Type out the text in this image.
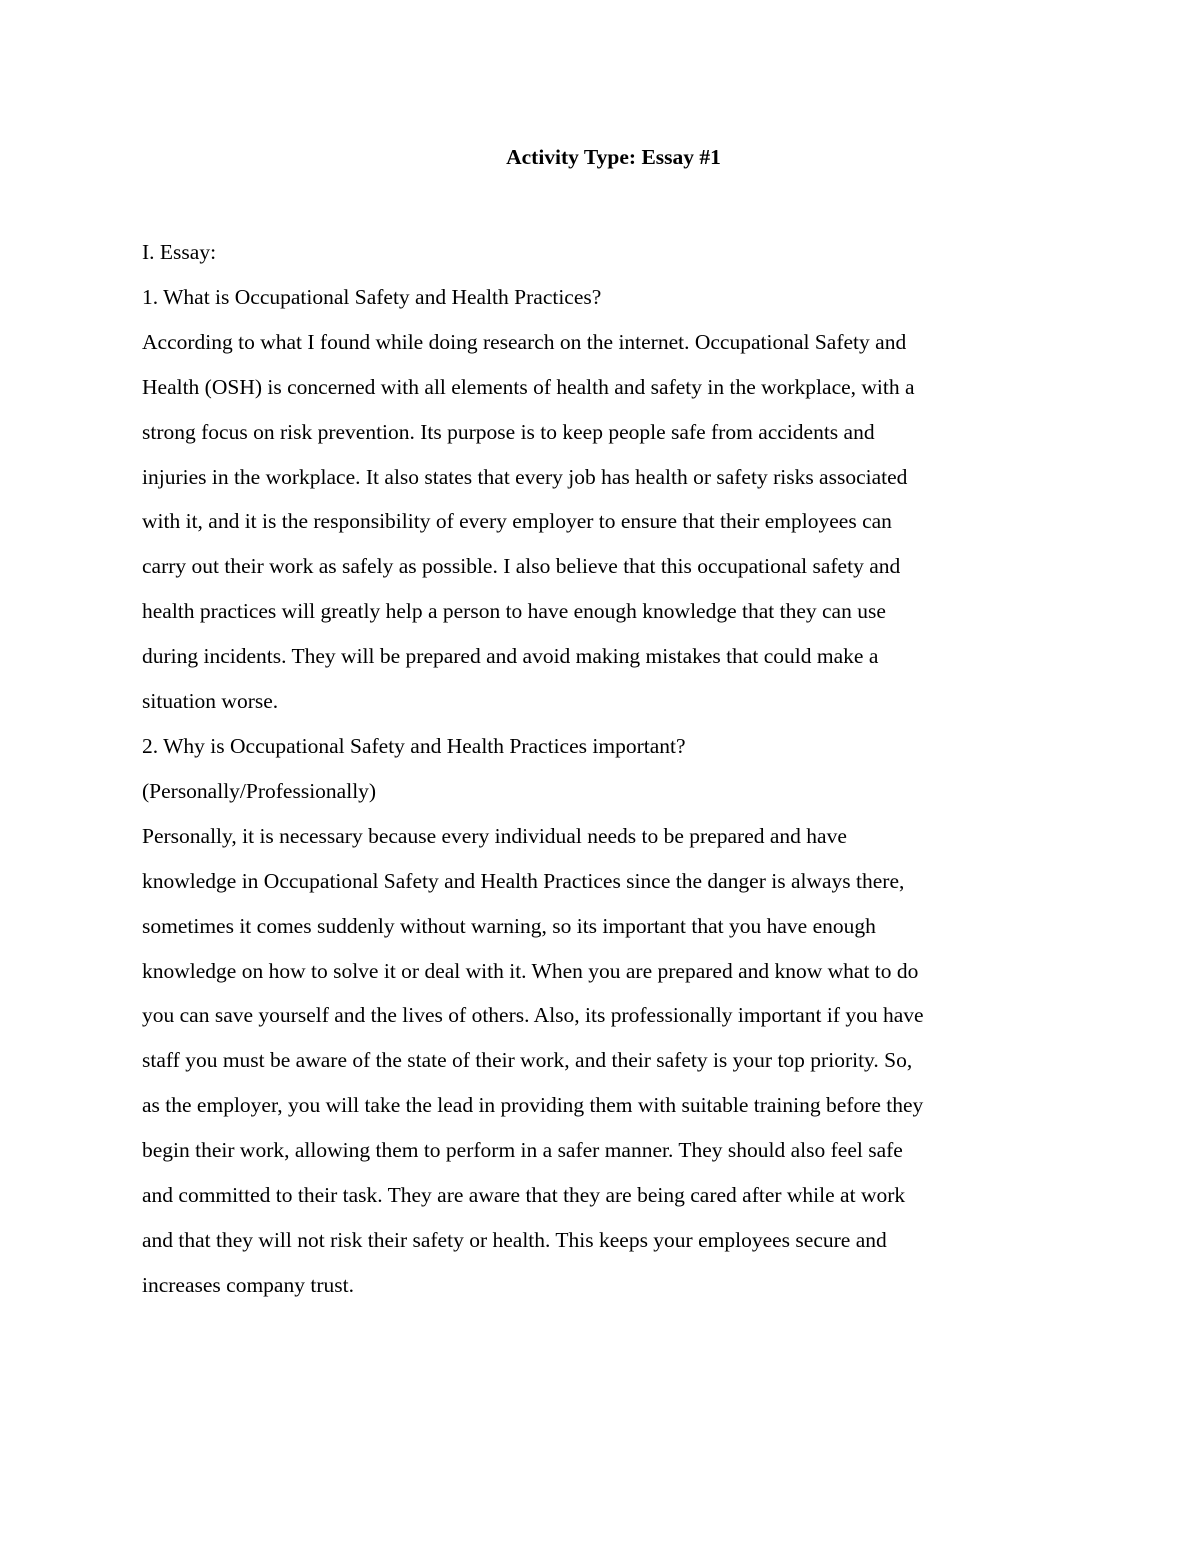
Activity Type: Essay #1

I. Essay:

1. What is Occupational Safety and Health Practices?

According to what I found while doing research on the internet. Occupational Safety and
Health (OSH) is concerned with all elements of health and safety in the workplace, with a
strong focus on risk prevention. Its purpose is to keep people safe from accidents and
injuries in the workplace. It also states that every job has health or safety risks associated
with it, and it is the responsibility of every employer to ensure that their employees can
carry out their work as safely as possible. I also believe that this occupational safety and
health practices will greatly help a person to have enough knowledge that they can use
during incidents. They will be prepared and avoid making mistakes that could make a
situation worse.

2. Why is Occupational Safety and Health Practices important?

(Personally/Professionally)

Personally, it is necessary because every individual needs to be prepared and have
knowledge in Occupational Safety and Health Practices since the danger is always there,
sometimes it comes suddenly without warning, so its important that you have enough
knowledge on how to solve it or deal with it. When you are prepared and know what to do
you can save yourself and the lives of others. Also, its professionally important if you have
staff you must be aware of the state of their work, and their safety is your top priority. So,
as the employer, you will take the lead in providing them with suitable training before they
begin their work, allowing them to perform in a safer manner. They should also feel safe
and committed to their task. They are aware that they are being cared after while at work
and that they will not risk their safety or health. This keeps your employees secure and
increases company trust.
